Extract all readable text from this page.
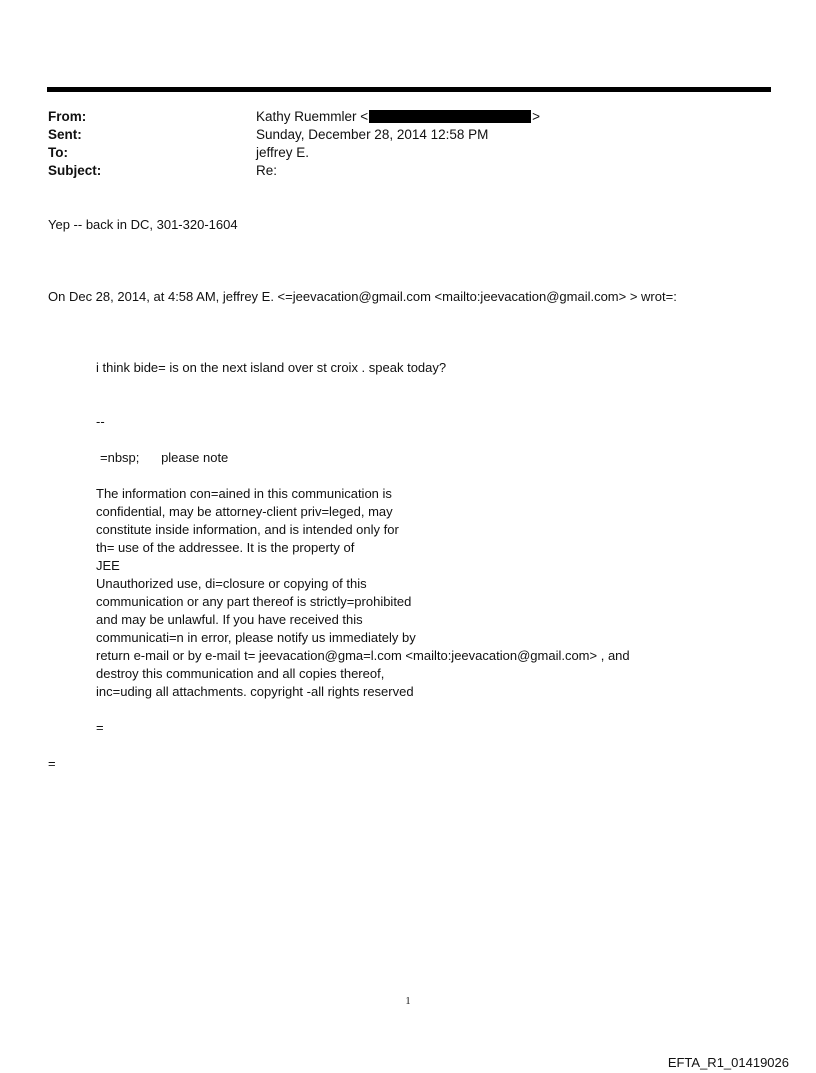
From:
Sent:
To:
Subject:
Kathy Ruemmler <	>
Sunday, December 28, 2014 12:58 PM
jeffrey E.
Re:
Yep -- back in DC, 301-320-1604
On Dec 28, 2014, at 4:58 AM, jeffrey E. <=jeevacation@gmail.com <mailto:jeevacation@gmail.com> > wrot=:
i think bide= is on the next island over st croix . speak today?
--
=nbsp;      please note
The information con=ained in this communication is
confidential, may be attorney-client priv=leged, may
constitute inside information, and is intended only for
th= use of the addressee. It is the property of
JEE
Unauthorized use, di=closure or copying of this
communication or any part thereof is strictly=prohibited
and may be unlawful. If you have received this
communicati=n in error, please notify us immediately by
return e-mail or by e-mail t= jeevacation@gma=l.com <mailto:jeevacation@gmail.com> , and
destroy this communication and all copies thereof,
inc=uding all attachments. copyright -all rights reserved
=
=
1
EFTA_R1_01419026
